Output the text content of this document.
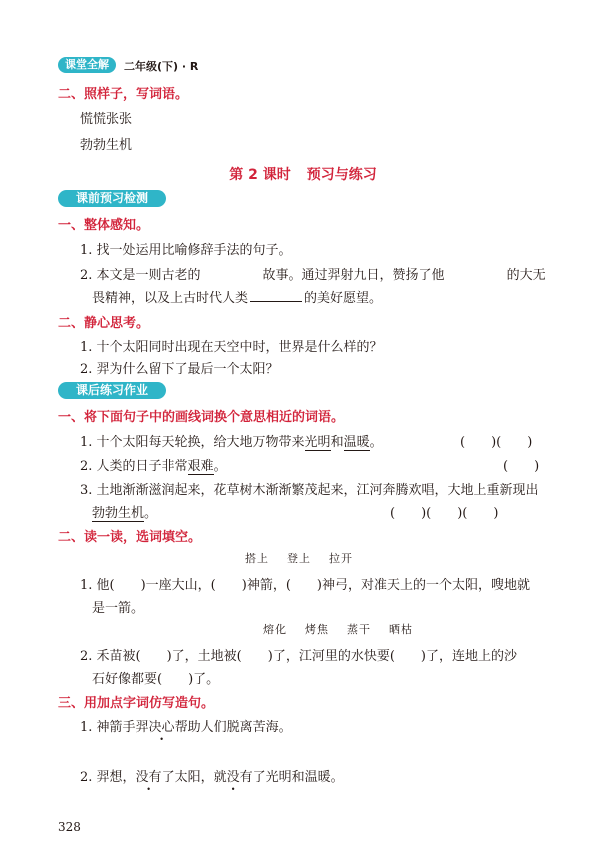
课堂全解	二年级(下) · R
二、照样子，写词语。
慌慌张张
勃勃生机
第 2 课时 预习与练习
课前预习检测
一、整体感知。
1. 找一处运用比喻修辞手法的句子。
2. 本文是一则古老的	故事。通过羿射九日，赞扬了他	的大无
畏精神，以及上古时代人类	的美好愿望。
二、静心思考。
1. 十个太阳同时出现在天空中时，世界是什么样的？
2. 羿为什么留下了最后一个太阳？
课后练习作业
一、将下面句子中的画线词换个意思相近的词语。
1. 十个太阳每天轮换，给大地万物带来光明和温暖。	(　　)(　　)
2. 人类的日子非常艰难。	(　　)
3. 土地渐渐滋润起来，花草树木渐渐繁茂起来，江河奔腾欢唱，大地上重新现出
勃勃生机。	(　　)(　　)(　　)
二、读一读，选词填空。
搭上 登上 拉开
1. 他(　　)一座大山，(　　)神箭，(　　)神弓，对准天上的一个太阳，嗖地就
是一箭。
熔化 烤焦 蒸干 晒枯
2. 禾苗被(　　)了，土地被(　　)了，江河里的水快要(　　)了，连地上的沙
石好像都要(　　)了。
三、用加点字词仿写造句。
1. 神箭手羿决心帮助人们脱离苦海。
2. 羿想，没有了太阳，就没有了光明和温暖。
328
